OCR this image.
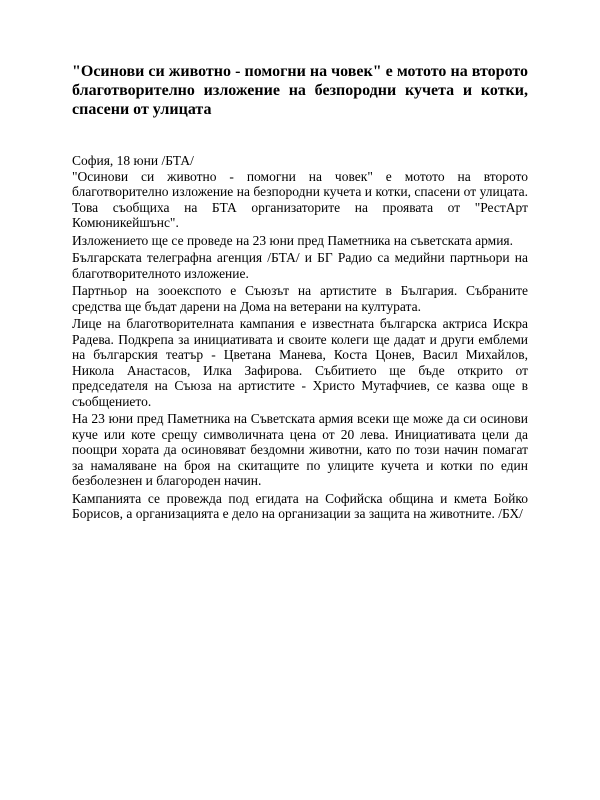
"Осинови си животно - помогни на човек" е мотото на второто благотворително изложение на безпородни кучета и котки, спасени от улицата

София, 18 юни /БТА/

"Осинови си животно - помогни на човек" е мотото на второто благотворително изложение на безпородни кучета и котки, спасени от улицата. Това съобщиха на БТА организаторите на проявата от "РестАрт Комюникейшънс".

Изложението ще се проведе на 23 юни пред Паметника на съветската армия.

Българската телеграфна агенция /БТА/ и БГ Радио са медийни партньори на благотворителното изложение.

Партньор на зооекспото е Съюзът на артистите в България. Събраните средства ще бъдат дарени на Дома на ветерани на културата.

Лице на благотворителната кампания е известната българска актриса Искра Радева. Подкрепа за инициативата и своите колеги ще дадат и други емблеми на българския театър - Цветана Манева, Коста Цонев, Васил Михайлов, Никола Анастасов, Илка Зафирова. Събитието ще бъде открито от председателя на Съюза на артистите - Христо Мутафчиев, се казва още в съобщението.

На 23 юни пред Паметника на Съветската армия всеки ще може да си осинови куче или коте срещу символичната цена от 20 лева. Инициативата цели да поощри хората да осиновяват бездомни животни, като по този начин помагат за намаляване на броя на скитащите по улиците кучета и котки по един безболезнен и благороден начин.

Кампанията се провежда под егидата на Софийска община и кмета Бойко Борисов, а организацията е дело на организации за защита на животните. /БХ/
